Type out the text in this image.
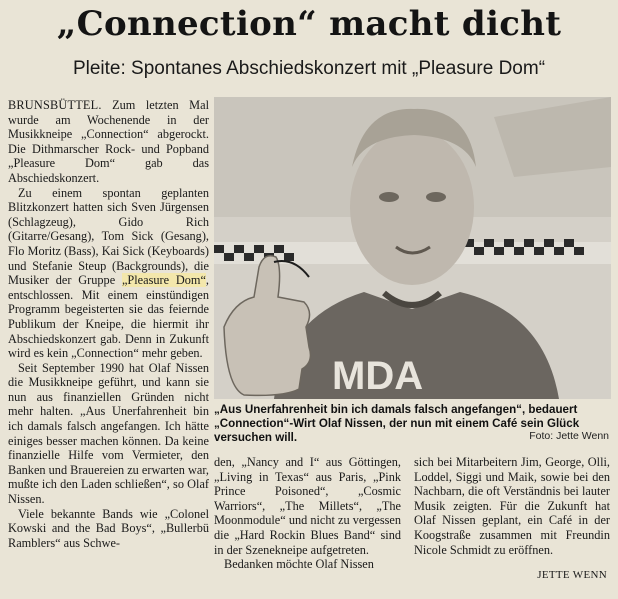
„Connection“ macht dicht
Pleite: Spontanes Abschiedskonzert mit „Pleasure Dom“

BRUNSBÜTTEL. Zum letzten Mal wurde am Wochenende in der Musikkneipe „Connection“ abgerockt. Die Dithmarscher Rock- und Popband „Pleasure Dom“ gab das Abschiedskonzert.

Zu einem spontan geplanten Blitzkonzert hatten sich Sven Jürgensen (Schlagzeug), Gido Rich (Gitarre/Gesang), Tom Sick (Gesang), Flo Moritz (Bass), Kai Sick (Keyboards) und Stefanie Steup (Backgrounds), die Musiker der Gruppe „Pleasure Dom“, entschlossen. Mit einem einstündigen Programm begeisterten sie das feiernde Publikum der Kneipe, die hiermit ihr Abschiedskonzert gab. Denn in Zukunft wird es kein „Connection“ mehr geben.

Seit September 1990 hat Olaf Nissen die Musikkneipe geführt, und kann sie nun aus finanziellen Gründen nicht mehr halten. „Aus Unerfahrenheit bin ich damals falsch angefangen. Ich hätte einiges besser machen können. Da keine finanzielle Hilfe vom Vermieter, den Banken und Brauereien zu erwarten war, mußte ich den Laden schließen“, so Olaf Nissen.

Viele bekannte Bands wie „Colonel Kowski and the Bad Boys“, „Bullerbü Ramblers“ aus Schwe-

MDA
„Aus Unerfahrenheit bin ich damals falsch angefangen“, bedauert „Connection“-Wirt Olaf Nissen, der nun mit einem Café sein Glück versuchen will.	Foto: Jette Wenn

den, „Nancy and I“ aus Göttingen, „Living in Texas“ aus Paris, „Pink Prince Poisoned“, „Cosmic Warriors“, „The Millets“, „The Moonmodule“ und nicht zu vergessen die „Hard Rockin Blues Band“ sind in der Szenekneipe aufgetreten.

Bedanken möchte Olaf Nissen

sich bei Mitarbeitern Jim, George, Olli, Loddel, Siggi und Maik, sowie bei den Nachbarn, die oft Verständnis bei lauter Musik zeigten. Für die Zukunft hat Olaf Nissen geplant, ein Café in der Koogstraße zusammen mit Freundin Nicole Schmidt zu eröffnen.

JETTE WENN
